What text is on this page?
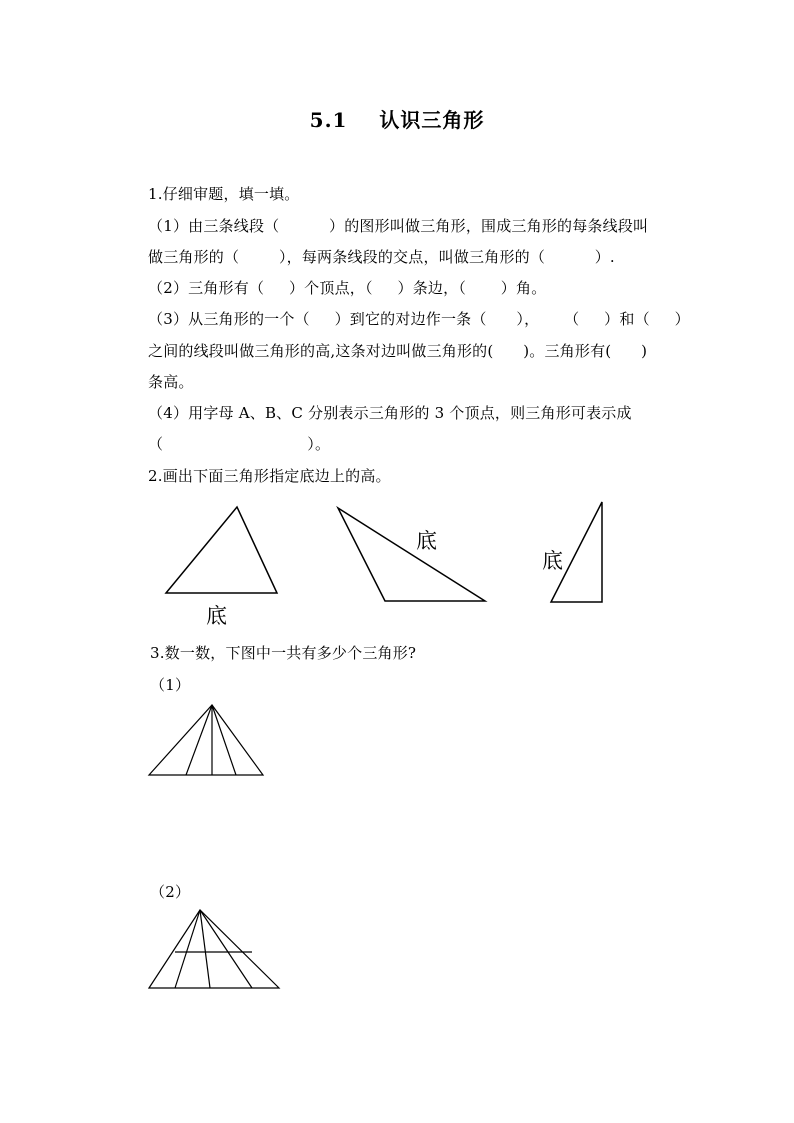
5.1    认识三角形
1.仔细审题，填一填。
（1）由三条线段（          ）的图形叫做三角形，围成三角形的每条线段叫
做三角形的（        ），每两条线段的交点，叫做三角形的（          ）.
（2）三角形有（     ）个顶点，（     ）条边，（       ）角。
（3）从三角形的一个（     ）到它的对边作一条（      ），     （     ）和（     ）
之间的线段叫做三角形的高,这条对边叫做三角形的(      )。三角形有(      )
条高。
（4）用字母 A、B、C 分别表示三角形的 3 个顶点，则三角形可表示成
（                             ）。
2.画出下面三角形指定底边上的高。
底
底
底
3.数一数，下图中一共有多少个三角形?
（1）
（2）
